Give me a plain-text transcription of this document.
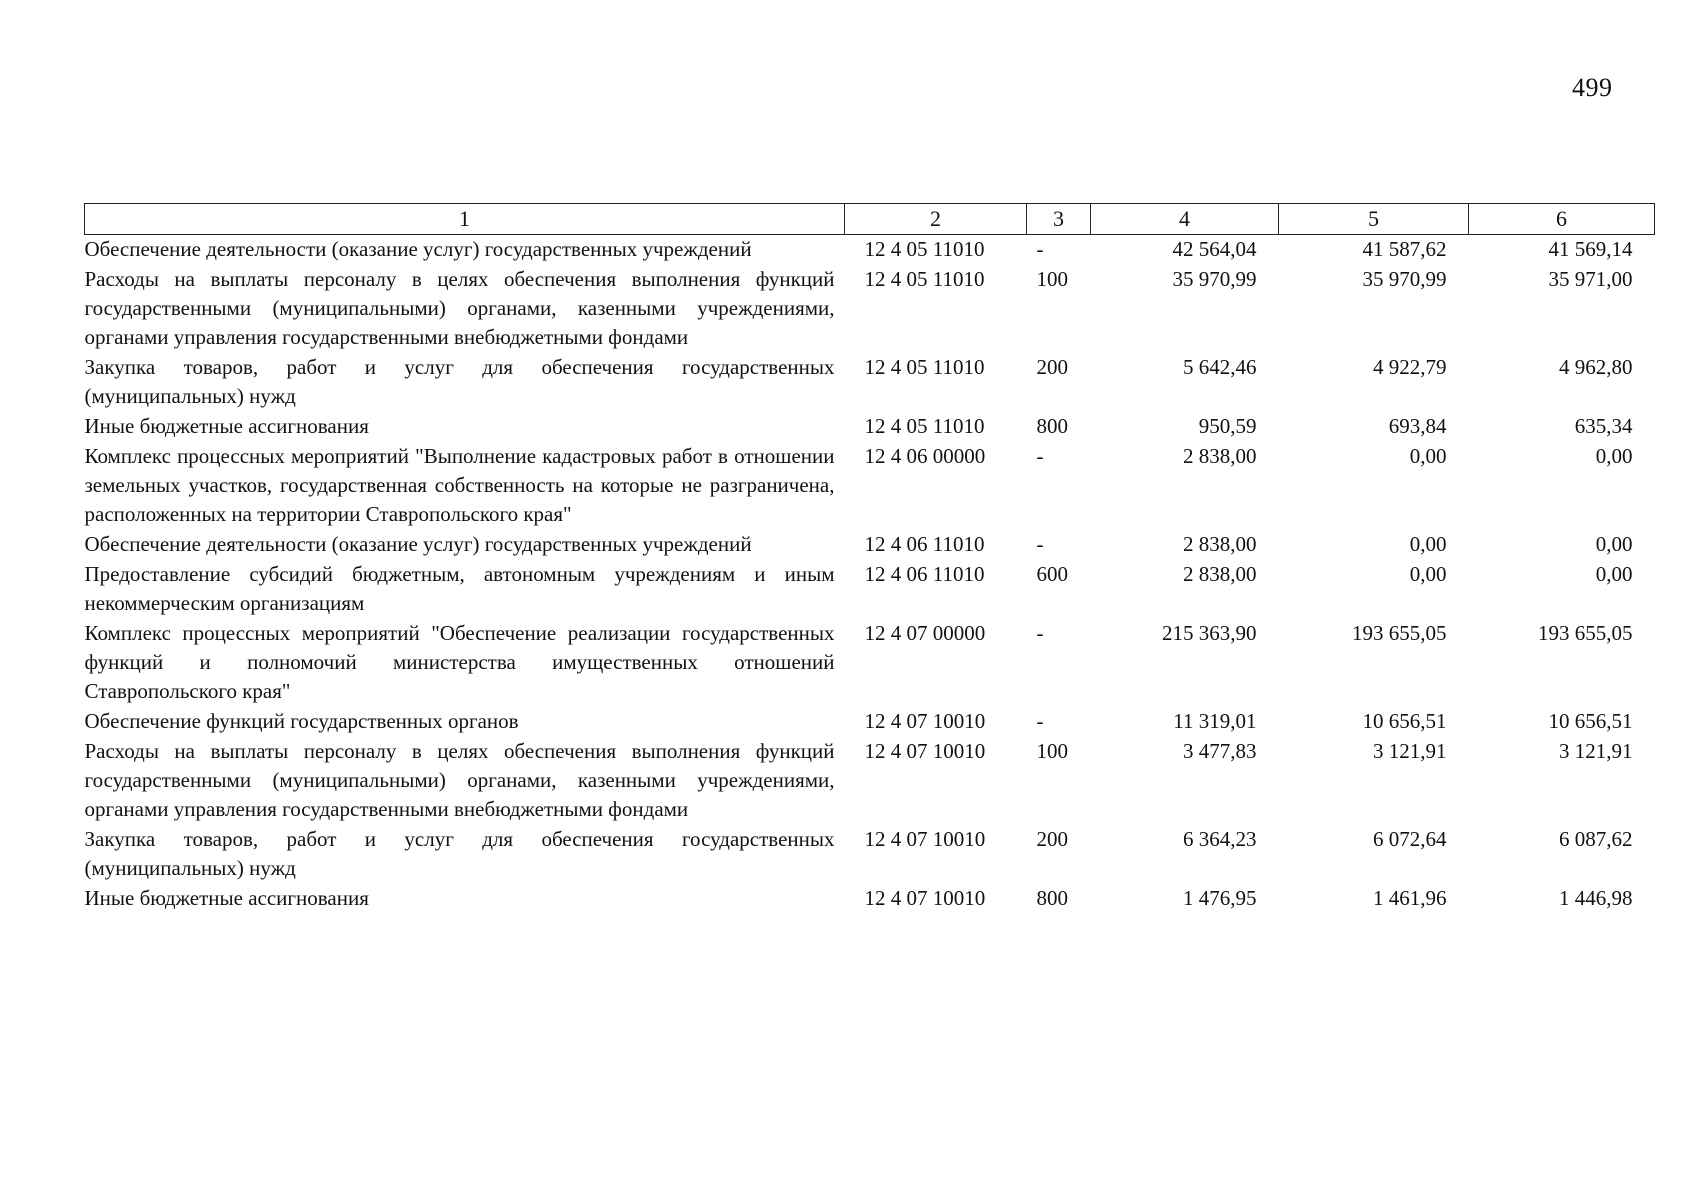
499
1	2	3	4	5	6
Обеспечение деятельности (оказание услуг) государственных учреждений	12 4 05 11010	-	42 564,04	41 587,62	41 569,14
Расходы на выплаты персоналу в целях обеспечения выполнения функций государственными (муниципальными) органами, казенными учреждениями, органами управления государственными внебюджетными фондами	12 4 05 11010	100	35 970,99	35 970,99	35 971,00
Закупка товаров, работ и услуг для обеспечения государственных (муниципальных) нужд	12 4 05 11010	200	5 642,46	4 922,79	4 962,80
Иные бюджетные ассигнования	12 4 05 11010	800	950,59	693,84	635,34
Комплекс процессных мероприятий "Выполнение кадастровых работ в отношении земельных участков, государственная собственность на которые не разграничена, расположенных на территории Ставропольского края"	12 4 06 00000	-	2 838,00	0,00	0,00
Обеспечение деятельности (оказание услуг) государственных учреждений	12 4 06 11010	-	2 838,00	0,00	0,00
Предоставление субсидий бюджетным, автономным учреждениям и иным некоммерческим организациям	12 4 06 11010	600	2 838,00	0,00	0,00
Комплекс процессных мероприятий "Обеспечение реализации государственных функций и полномочий министерства имущественных отношений Ставропольского края"	12 4 07 00000	-	215 363,90	193 655,05	193 655,05
Обеспечение функций государственных органов	12 4 07 10010	-	11 319,01	10 656,51	10 656,51
Расходы на выплаты персоналу в целях обеспечения выполнения функций государственными (муниципальными) органами, казенными учреждениями, органами управления государственными внебюджетными фондами	12 4 07 10010	100	3 477,83	3 121,91	3 121,91
Закупка товаров, работ и услуг для обеспечения государственных (муниципальных) нужд	12 4 07 10010	200	6 364,23	6 072,64	6 087,62
Иные бюджетные ассигнования	12 4 07 10010	800	1 476,95	1 461,96	1 446,98
